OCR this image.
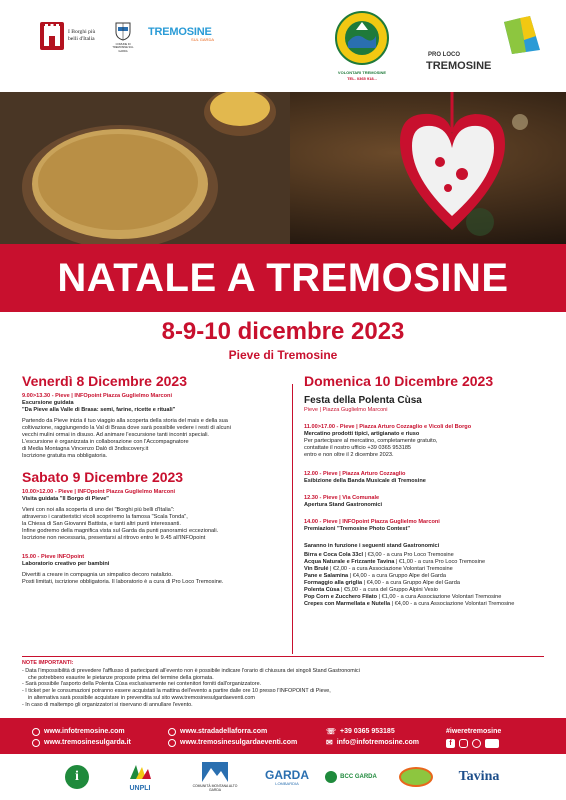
I Borghi più belli d'Italia
COMUNE DI TREMOSINE SUL GARDA
TREMOSINE
SUL GARDA
VOLONTARI TREMOSINE
TEL. 0365 918...
PRO LOCO
TREMOSINE
NATALE A TREMOSINE
8-9-10 dicembre 2023
Pieve di Tremosine
Venerdì 8 Dicembre 2023
9.00>13.30 - Pieve | INFOpoint Piazza Guglielmo Marconi
Escursione guidata
"Da Pieve alla Valle di Brasa: semi, farine, ricette e rituali"
Partendo da Pieve inizia il tuo viaggio alla scoperta della storia del mais e della sua
coltivazione, raggiungendo la Val di Brasa dove sarà possibile vedere i resti di alcuni
vecchi mulini ormai in disuso. Ad animare l'escursione tanti incontri speciali.
L'escursione è organizzata in collaborazione con l'Accompagnatore
di Media Montagna Vincenzo Dalò di 3ndiscovery.it
Iscrizione gratuita ma obbligatoria.
Sabato 9 Dicembre 2023
10.00>12.00 - Pieve | INFOpoint Piazza Guglielmo Marconi
Visita guidata "Il Borgo di Pieve"
Vieni con noi alla scoperta di uno dei "Borghi più belli d'Italia":
attraverso i caratteristici vicoli scopriremo la famosa "Scala Tonda",
la Chiesa di San Giovanni Battista, e tanti altri punti interessanti.
Infine godremo della magnifica vista sul Garda da punti panoramici eccezionali.
Iscrizione non necessaria, presentarsi al ritrovo entro le 9.45 all'INFOpoint
15.00 - Pieve INFOpoint
Laboratorio creativo per bambini
Divertiti a creare in compagnia un simpatico decoro natalizio.
Posti limitati, iscrizione obbligatoria. Il laboratorio è a cura di Pro Loco Tremosine.
Domenica 10 Dicembre 2023
Festa della Polenta Cùsa
Pieve | Piazza Guglielmo Marconi
11.00>17.00 - Pieve | Piazza Arturo Cozzaglio e Vicoli del Borgo
Mercatino prodotti tipici, artigianato e riuso
Per partecipare al mercatino, completamente gratuito,
contattate il nostro ufficio +39 0365 953185
entro e non oltre il 2 dicembre 2023.
12.00 - Pieve | Piazza Arturo Cozzaglio
Esibizione della Banda Musicale di Tremosine
12.30 - Pieve | Via Comunale
Apertura Stand Gastronomici
14.00 - Pieve | INFOpoint Piazza Guglielmo Marconi
Premiazioni "Tremosine Photo Contest"
Saranno in funzione i seguenti stand Gastronomici
Birra e Coca Cola 33cl | €3,00 - a cura Pro Loco Tremosine
Acqua Naturale e Frizzante Tavina | €1,00 - a cura Pro Loco Tremosine
Vin Brulé | €2,00 - a cura Associazione Volontari Tremosine
Pane e Salamina | €4,00 - a cura Gruppo Alpe del Garda
Formaggio alla griglia | €4,00 - a cura Gruppo Alpe del Garda
Polenta Cùsa | €5,00 - a cura del Gruppo Alpini Vesio
Pop Corn e Zucchero Filato | €1,00 - a cura Associazione Volontari Tremosine
Crepes con Marmellata e Nutella | €4,00 - a cura Associazione Volontari Tremosine
NOTE IMPORTANTI:
- Data l'impossibilità di prevedere l'afflusso di partecipanti all'evento non è possibile indicare l'orario di chiusura dei singoli Stand Gastronomici
che potrebbero esaurire le pietanze proposte prima del termine della giornata.
- Sarà possibile l'asporto della Polenta Cùsa esclusivamente nei contenitori forniti dall'organizzatore.
- I ticket per le consumazioni potranno essere acquistati la mattina dell'evento a partire dalle ore 10 presso l'INFOPOINT di Pieve,
in alternativa sarà possibile acquistare in prevendita sul sito www.tremosinesulgardaeventi.com
- In caso di maltempo gli organizzatori si riservano di annullare l'evento.
www.infotremosine.com
www.tremosinesulgarda.it
www.stradadellaforra.com
www.tremosinesulgardaeventi.com
☏ +39 0365 953185
✉ info@infotremosine.com
#iweretremosine
f
i
UNPLI	COMUNITÀ MONTANA ALTO GARDA
GARDA
LOMBARDIA
BCC GARDA	Tavina
